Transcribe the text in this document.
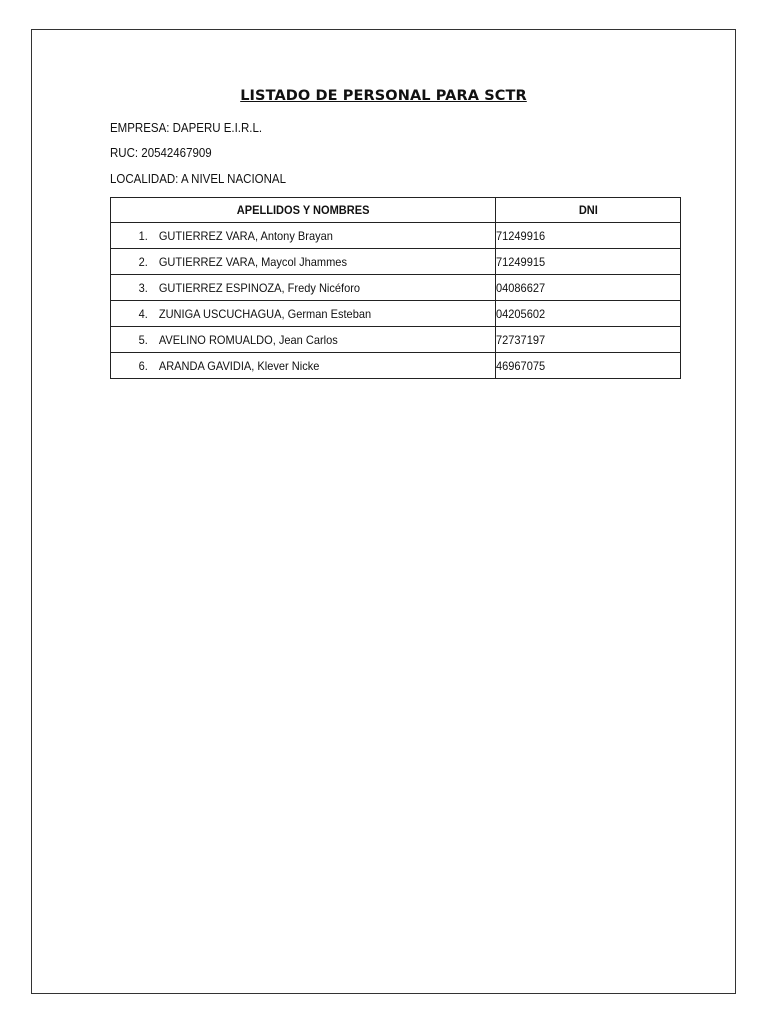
LISTADO DE PERSONAL PARA SCTR
EMPRESA: DAPERU E.I.R.L.
RUC: 20542467909
LOCALIDAD: A NIVEL NACIONAL
APELLIDOS Y NOMBRES	DNI
1. GUTIERREZ VARA, Antony Brayan	71249916
2. GUTIERREZ VARA, Maycol Jhammes	71249915
3. GUTIERREZ ESPINOZA, Fredy Nicéforo	04086627
4. ZUNIGA USCUCHAGUA, German Esteban	04205602
5. AVELINO ROMUALDO, Jean Carlos	72737197
6. ARANDA GAVIDIA, Klever Nicke	46967075
